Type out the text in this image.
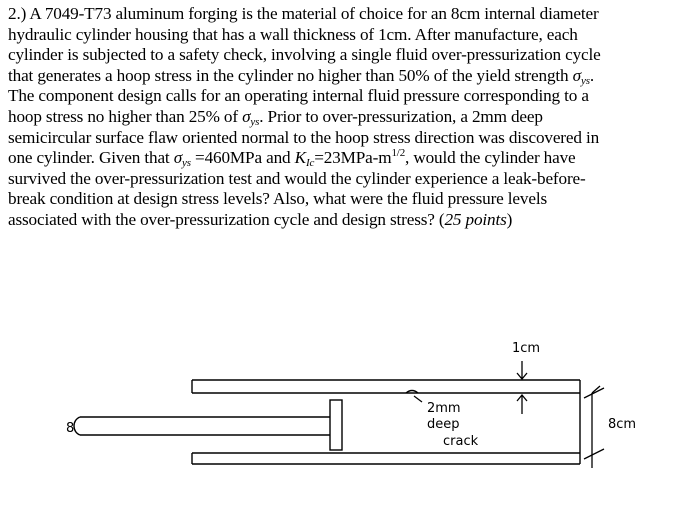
2.) A 7049-T73 aluminum forging is the material of choice for an 8cm internal diameter
hydraulic cylinder housing that has a wall thickness of 1cm. After manufacture, each
cylinder is subjected to a safety check, involving a single fluid over-pressurization cycle
that generates a hoop stress in the cylinder no higher than 50% of the yield strength $\sigma_{ys}$.
The component design calls for an operating internal fluid pressure corresponding to a
hoop stress no higher than 25% of $\sigma_{ys}$. Prior to over-pressurization, a 2mm deep
semicircular surface flaw oriented normal to the hoop stress direction was discovered in
one cylinder. Given that $\sigma_{ys} =460MPa$ and $K_{Ic}=23MPa-m^{1/2}$, would the cylinder have
survived the over-pressurization test and would the cylinder experience a leak-before-
break condition at design stress levels? Also, what were the fluid pressure levels
associated with the over-pressurization cycle and design stress? (25 points)
8
2mm
deep
crack
1cm
8cm
